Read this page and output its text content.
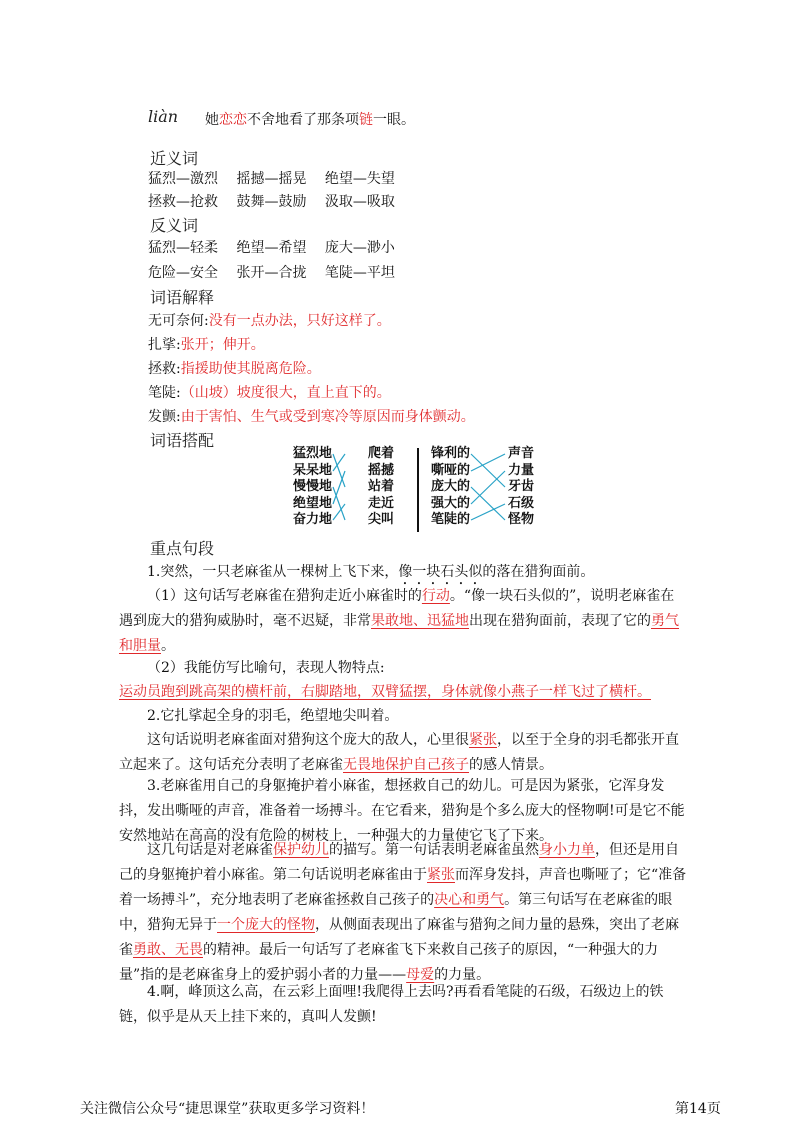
liàn 她恋恋不舍地看了那条项链一眼。
近义词
猛烈—激烈 摇撼—摇晃 绝望—失望
拯救—抢救 鼓舞—鼓励 汲取—吸取
反义词
猛烈—轻柔 绝望—希望 庞大—渺小
危险—安全 张开—合拢 笔陡—平坦
词语解释
无可奈何:没有一点办法，只好这样了。
扎挲:张开；伸开。
拯救:指援助使其脱离危险。
笔陡:（山坡）坡度很大，直上直下的。
发颤:由于害怕、生气或受到寒冷等原因而身体颤动。
词语搭配
猛烈地
呆呆地
慢慢地
绝望地
奋力地
爬着
摇撼
站着
走近
尖叫
锋利的
嘶哑的
庞大的
强大的
笔陡的
声音
力量
牙齿
石级
怪物
重点句段
1.突然，一只老麻雀从一棵树上飞下来，像一块石头似的落在猎狗面前。
（1）这句话写老麻雀在猎狗走近小麻雀时的行动。“像一块石头似的”，说明老麻雀在遇到庞大的猎狗威胁时，毫不迟疑，非常果敢地、迅猛地出现在猎狗面前，表现了它的勇气和胆量。
（2）我能仿写比喻句，表现人物特点:
运动员跑到跳高架的横杆前，右脚踏地，双臂猛摆，身体就像小燕子一样飞过了横杆。
2.它扎挲起全身的羽毛，绝望地尖叫着。
这句话说明老麻雀面对猎狗这个庞大的敌人，心里很紧张，以至于全身的羽毛都张开直立起来了。这句话充分表明了老麻雀无畏地保护自己孩子的感人情景。
3.老麻雀用自己的身躯掩护着小麻雀，想拯救自己的幼儿。可是因为紧张，它浑身发抖，发出嘶哑的声音，准备着一场搏斗。在它看来，猎狗是个多么庞大的怪物啊!可是它不能安然地站在高高的没有危险的树枝上，一种强大的力量使它飞了下来。
这几句话是对老麻雀保护幼儿的描写。第一句话表明老麻雀虽然身小力单，但还是用自己的身躯掩护着小麻雀。第二句话说明老麻雀由于紧张而浑身发抖，声音也嘶哑了；它“准备着一场搏斗”，充分地表明了老麻雀拯救自己孩子的决心和勇气。第三句话写在老麻雀的眼中，猎狗无异于一个庞大的怪物，从侧面表现出了麻雀与猎狗之间力量的悬殊，突出了老麻雀勇敢、无畏的精神。最后一句话写了老麻雀飞下来救自己孩子的原因，“一种强大的力量”指的是老麻雀身上的爱护弱小者的力量——母爱的力量。
4.啊，峰顶这么高，在云彩上面哩!我爬得上去吗?再看看笔陡的石级，石级边上的铁链，似乎是从天上挂下来的，真叫人发颤!
关注微信公众号“捷思课堂”获取更多学习资料！	第14页
